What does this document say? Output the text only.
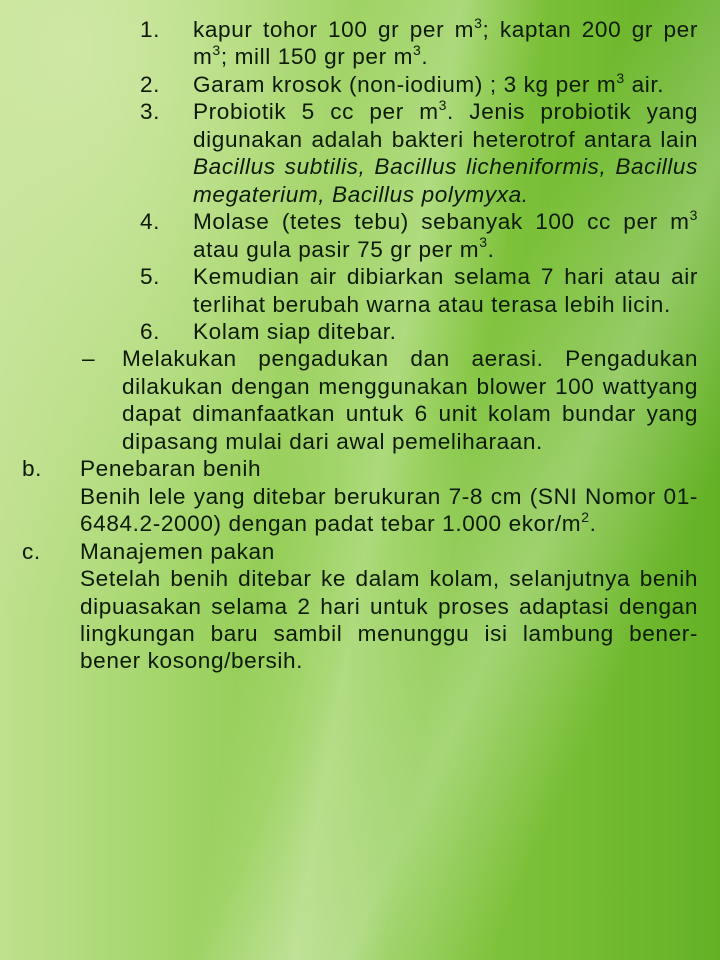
1. kapur tohor 100 gr per $m^3$; kaptan 200 gr per $m^3$; mill 150 gr per $m^3$.
2. Garam krosok (non-iodium) ; 3 kg per $m^3$ air.
3. Probiotik 5 cc per $m^3$. Jenis probiotik yang digunakan adalah bakteri heterotrof antara lain Bacillus subtilis, Bacillus licheniformis, Bacillus megaterium, Bacillus polymyxa.
4. Molase (tetes tebu) sebanyak 100 cc per $m^3$ atau gula pasir 75 gr per $m^3$.
5. Kemudian air dibiarkan selama 7 hari atau air terlihat berubah warna atau terasa lebih licin.
6. Kolam siap ditebar.
– Melakukan pengadukan dan aerasi. Pengadukan dilakukan dengan menggunakan blower 100 wattyang dapat dimanfaatkan untuk 6 unit kolam bundar yang dipasang mulai dari awal pemeliharaan.
b. Penebaran benih
Benih lele yang ditebar berukuran 7-8 cm (SNI Nomor 01-6484.2-2000) dengan padat tebar 1.000 ekor/$m^2$.
c. Manajemen pakan
Setelah benih ditebar ke dalam kolam, selanjutnya benih dipuasakan selama 2 hari untuk proses adaptasi dengan lingkungan baru sambil menunggu isi lambung bener-bener kosong/bersih.
